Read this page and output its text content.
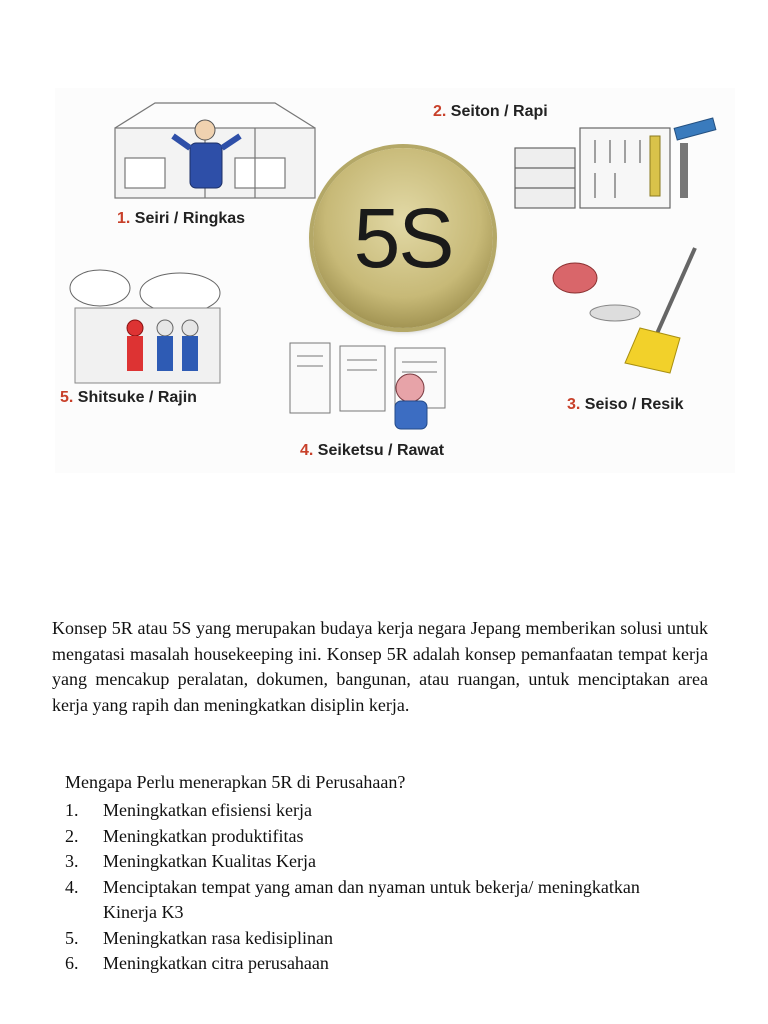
5S
1. Seiri / Ringkas
2. Seiton / Rapi
3. Seiso / Resik
4. Seiketsu / Rawat
5. Shitsuke / Rajin

Konsep 5R atau 5S yang merupakan budaya kerja negara Jepang memberikan solusi untuk mengatasi masalah housekeeping ini. Konsep 5R adalah konsep pemanfaatan tempat kerja yang mencakup peralatan, dokumen, bangunan, atau ruangan, untuk menciptakan area kerja yang rapih dan meningkatkan disiplin kerja.

Mengapa Perlu menerapkan 5R di Perusahaan?

1.	Meningkatkan efisiensi kerja
2.	Meningkatkan produktifitas
3.	Meningkatkan Kualitas Kerja
4.	Menciptakan tempat yang aman dan nyaman untuk bekerja/ meningkatkan Kinerja K3
5.	Meningkatkan rasa kedisiplinan
6.	Meningkatkan citra perusahaan
